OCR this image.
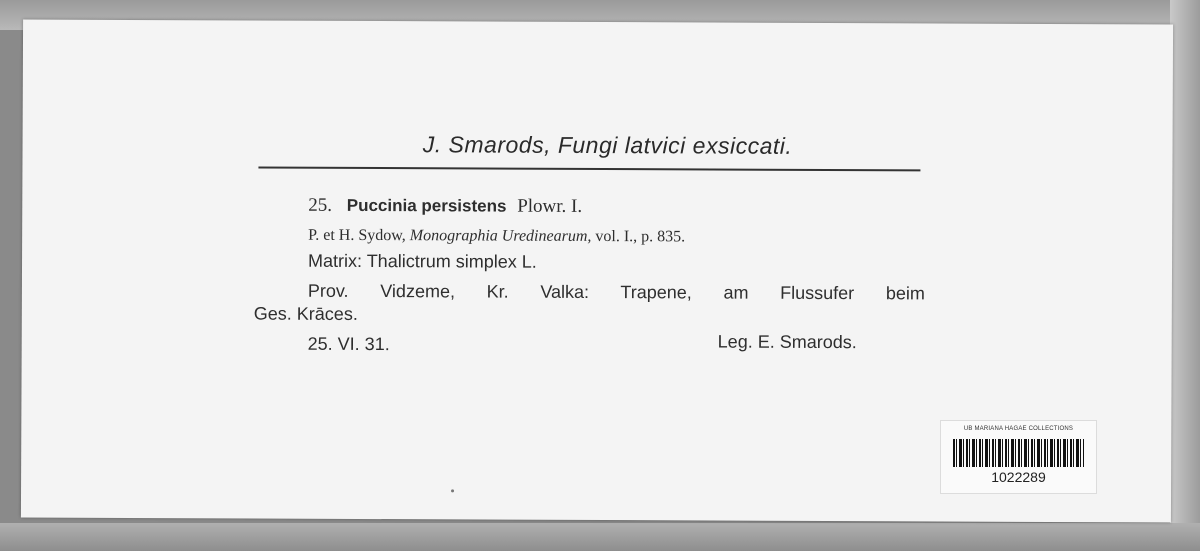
J. Smarods, Fungi latvici exsiccati.
25. Puccinia persistens Plowr. I.
P. et H. Sydow, Monographia Uredinearum, vol. I., p. 835.
Matrix: Thalictrum simplex L.
Prov. Vidzeme, Kr. Valka: Trapene, am Flussufer beim
Ges. Krāces.
25. VI. 31.	Leg. E. Smarods.
UB MARIANA HAGAE COLLECTIONS
1022289
